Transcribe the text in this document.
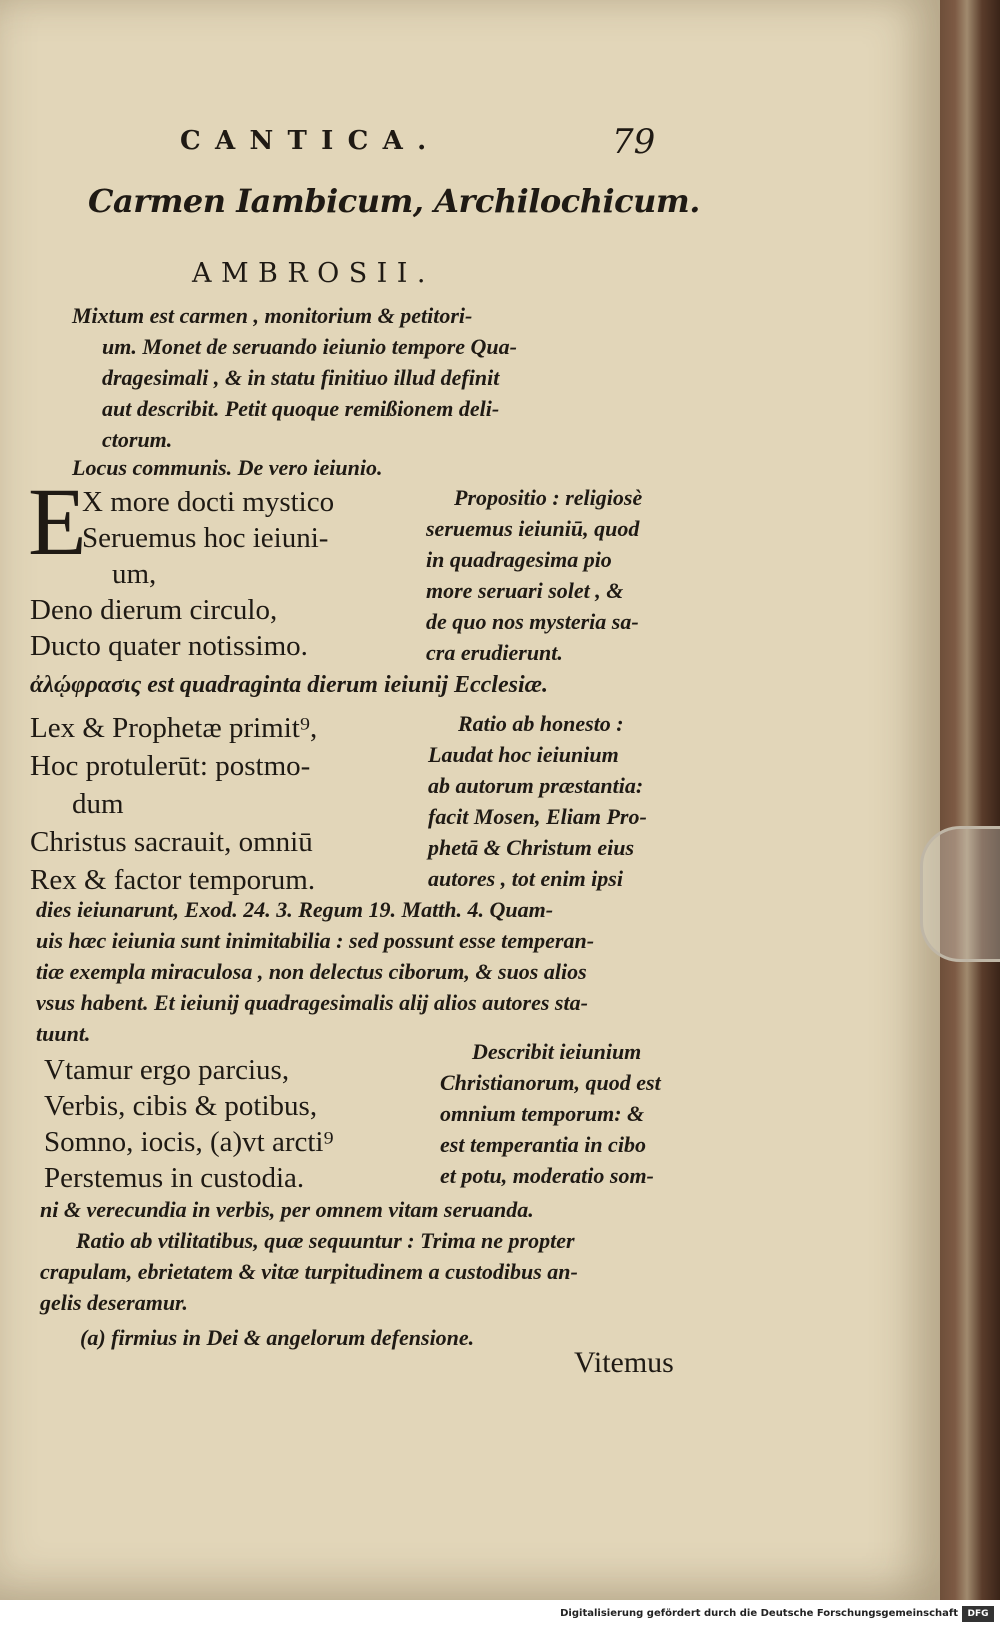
CANTICA.	79
Carmen Iambicum, Archilochicum.
AMBROSII.
Mixtum est carmen , monitorium & petitori-
um. Monet de seruando ieiunio tempore Qua-
dragesimali , & in statu finitiuo illud definit
aut describit. Petit quoque remißionem deli-
ctorum.
Locus communis. De vero ieiunio.
E
X more docti mystico
Seruemus hoc ieiuni-
um,
Deno dierum circulo,
Ducto quater notissimo.
Propositio : religiosè
seruemus ieiuniū, quod
in quadragesima pio
more seruari solet , &
de quo nos mysteria sa-
cra erudierunt.
ἀλῴφρασις est quadraginta dierum ieiunij Ecclesiæ.
Lex & Prophetæ primit⁹,
Hoc protulerūt: postmo-
dum
Christus sacrauit, omniū
Rex & factor temporum.
Ratio ab honesto :
Laudat hoc ieiunium
ab autorum præstantia:
facit Mosen, Eliam Pro-
phetā & Christum eius
autores , tot enim ipsi
dies ieiunarunt, Exod. 24. 3. Regum 19. Matth. 4. Quam-
uis hæc ieiunia sunt inimitabilia : sed possunt esse temperan-
tiæ exempla miraculosa , non delectus ciborum, & suos alios
vsus habent. Et ieiunij quadragesimalis alij alios autores sta-
tuunt.
Vtamur ergo parcius,
Verbis, cibis & potibus,
Somno, iocis, (a)vt arcti⁹
Perstemus in custodia.
Describit ieiunium
Christianorum, quod est
omnium temporum: &
est temperantia in cibo
et potu, moderatio som-
ni & verecundia in verbis, per omnem vitam seruanda.
Ratio ab vtilitatibus, quæ sequuntur : Trima ne propter
crapulam, ebrietatem & vitæ turpitudinem a custodibus an-
gelis deseramur.
(a) firmius in Dei & angelorum defensione.
Vitemus
Digitalisierung gefördert durch die Deutsche Forschungsgemeinschaft	DFG
